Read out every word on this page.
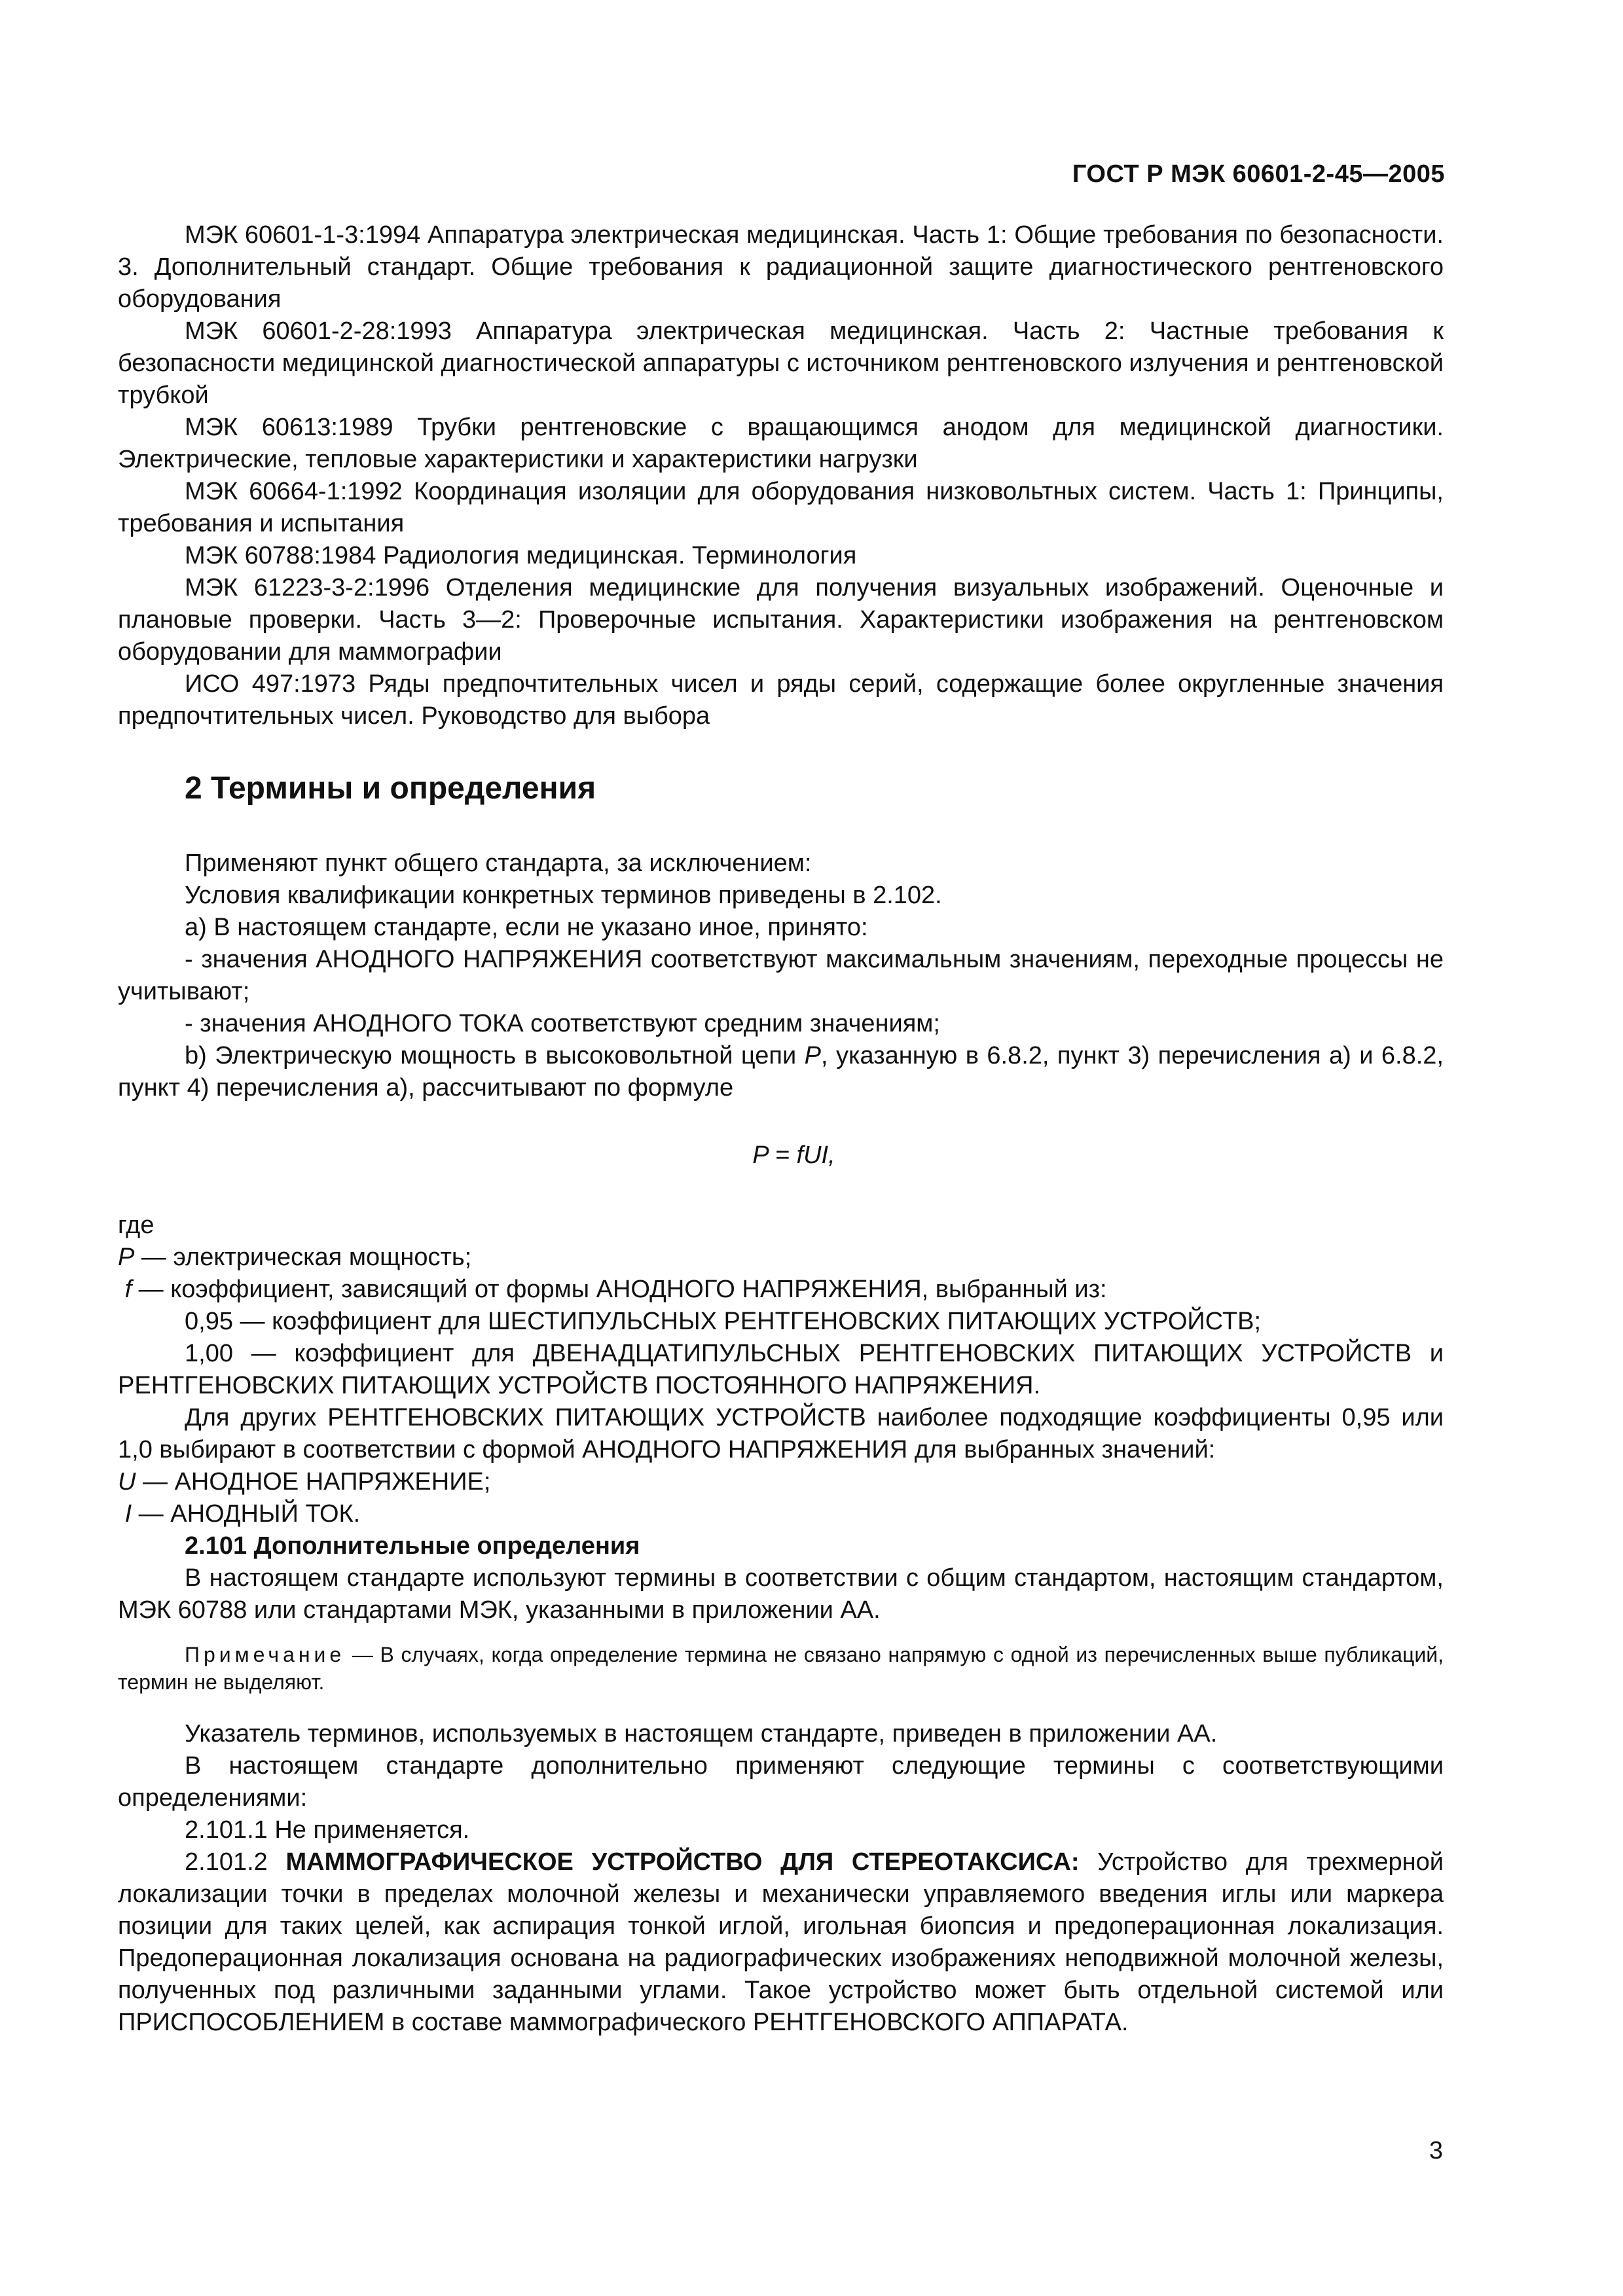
ГОСТ Р МЭК 60601-2-45—2005

МЭК 60601-1-3:1994 Аппаратура электрическая медицинская. Часть 1: Общие требования по безопасности. 3. Дополнительный стандарт. Общие требования к радиационной защите диагностического рентгеновского оборудования

МЭК 60601-2-28:1993 Аппаратура электрическая медицинская. Часть 2: Частные требования к безопасности медицинской диагностической аппаратуры с источником рентгеновского излучения и рентгеновской трубкой

МЭК 60613:1989 Трубки рентгеновские с вращающимся анодом для медицинской диагностики. Электрические, тепловые характеристики и характеристики нагрузки

МЭК 60664-1:1992 Координация изоляции для оборудования низковольтных систем. Часть 1: Принципы, требования и испытания

МЭК 60788:1984 Радиология медицинская. Терминология

МЭК 61223-3-2:1996 Отделения медицинские для получения визуальных изображений. Оценочные и плановые проверки. Часть 3—2: Проверочные испытания. Характеристики изображения на рентгеновском оборудовании для маммографии

ИСО 497:1973 Ряды предпочтительных чисел и ряды серий, содержащие более округленные значения предпочтительных чисел. Руководство для выбора

2 Термины и определения

Применяют пункт общего стандарта, за исключением:

Условия квалификации конкретных терминов приведены в 2.102.

а) В настоящем стандарте, если не указано иное, принято:

- значения АНОДНОГО НАПРЯЖЕНИЯ соответствуют максимальным значениям, переходные процессы не учитывают;

- значения АНОДНОГО ТОКА соответствуют средним значениям;

b) Электрическую мощность в высоковольтной цепи P, указанную в 6.8.2, пункт 3) перечисления а) и 6.8.2, пункт 4) перечисления а), рассчитывают по формуле

P = fUI,

где

P — электрическая мощность;

f — коэффициент, зависящий от формы АНОДНОГО НАПРЯЖЕНИЯ, выбранный из:

0,95 — коэффициент для ШЕСТИПУЛЬСНЫХ РЕНТГЕНОВСКИХ ПИТАЮЩИХ УСТРОЙСТВ;

1,00 — коэффициент для ДВЕНАДЦАТИПУЛЬСНЫХ РЕНТГЕНОВСКИХ ПИТАЮЩИХ УСТРОЙСТВ и РЕНТГЕНОВСКИХ ПИТАЮЩИХ УСТРОЙСТВ ПОСТОЯННОГО НАПРЯЖЕНИЯ.

Для других РЕНТГЕНОВСКИХ ПИТАЮЩИХ УСТРОЙСТВ наиболее подходящие коэффициенты 0,95 или 1,0 выбирают в соответствии с формой АНОДНОГО НАПРЯЖЕНИЯ для выбранных значений:

U — АНОДНОЕ НАПРЯЖЕНИЕ;

I — АНОДНЫЙ ТОК.

2.101 Дополнительные определения

В настоящем стандарте используют термины в соответствии с общим стандартом, настоящим стандартом, МЭК 60788 или стандартами МЭК, указанными в приложении АА.

Примечание — В случаях, когда определение термина не связано напрямую с одной из перечисленных выше публикаций, термин не выделяют.

Указатель терминов, используемых в настоящем стандарте, приведен в приложении АА.

В настоящем стандарте дополнительно применяют следующие термины с соответствующими определениями:

2.101.1 Не применяется.

2.101.2 МАММОГРАФИЧЕСКОЕ УСТРОЙСТВО ДЛЯ СТЕРЕОТАКСИСА: Устройство для трехмерной локализации точки в пределах молочной железы и механически управляемого введения иглы или маркера позиции для таких целей, как аспирация тонкой иглой, игольная биопсия и предоперационная локализация. Предоперационная локализация основана на радиографических изображениях неподвижной молочной железы, полученных под различными заданными углами. Такое устройство может быть отдельной системой или ПРИСПОСОБЛЕНИЕМ в составе маммографического РЕНТГЕНОВСКОГО АППАРАТА.

3
